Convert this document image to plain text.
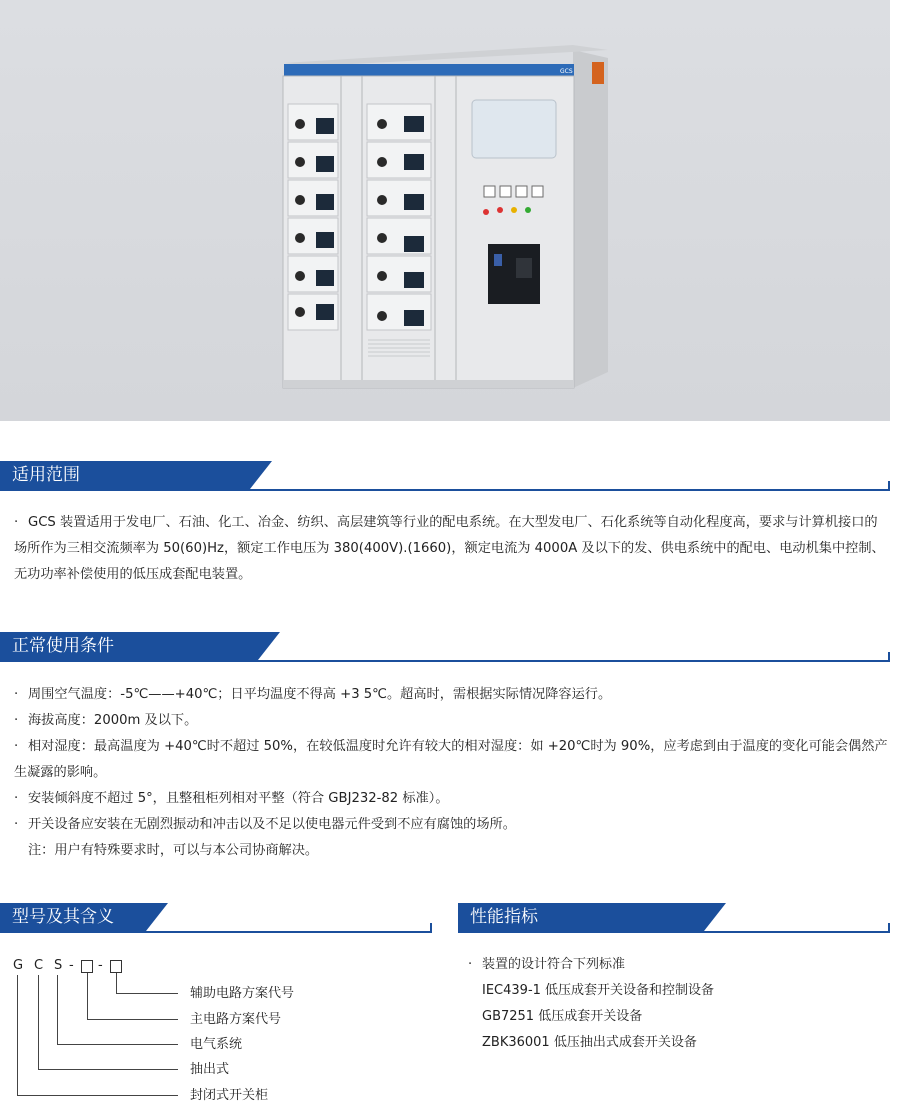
GCS
适用范围

· GCS 装置适用于发电厂、石油、化工、冶金、纺织、高层建筑等行业的配电系统。在大型发电厂、石化系统等自动化程度高，要求与计算机接口的场所作为三相交流频率为 50(60)Hz，额定工作电压为 380(400V).(1660)，额定电流为 4000A 及以下的发、供电系统中的配电、电动机集中控制、无功功率补偿使用的低压成套配电装置。

正常使用条件

· 周围空气温度：-5℃——+40℃；日平均温度不得高 +3 5℃。超高时，需根据实际情况降容运行。

· 海拔高度：2000m 及以下。

· 相对湿度：最高温度为 +40℃时不超过 50%，在较低温度时允许有较大的相对湿度：如 +20℃时为 90%，应考虑到由于温度的变化可能会偶然产生凝露的影响。

· 安装倾斜度不超过 5°，且整租柜列相对平整（符合 GBJ232-82 标准）。

· 开关设备应安装在无剧烈振动和冲击以及不足以使电器元件受到不应有腐蚀的场所。

注：用户有特殊要求时，可以与本公司协商解决。

型号及其含义	性能指标
G C S - -
辅助电路方案代号
主电路方案代号
电气系统
抽出式
封闭式开关柜

· 装置的设计符合下列标准

IEC439-1 低压成套开关设备和控制设备

GB7251 低压成套开关设备

ZBK36001 低压抽出式成套开关设备
